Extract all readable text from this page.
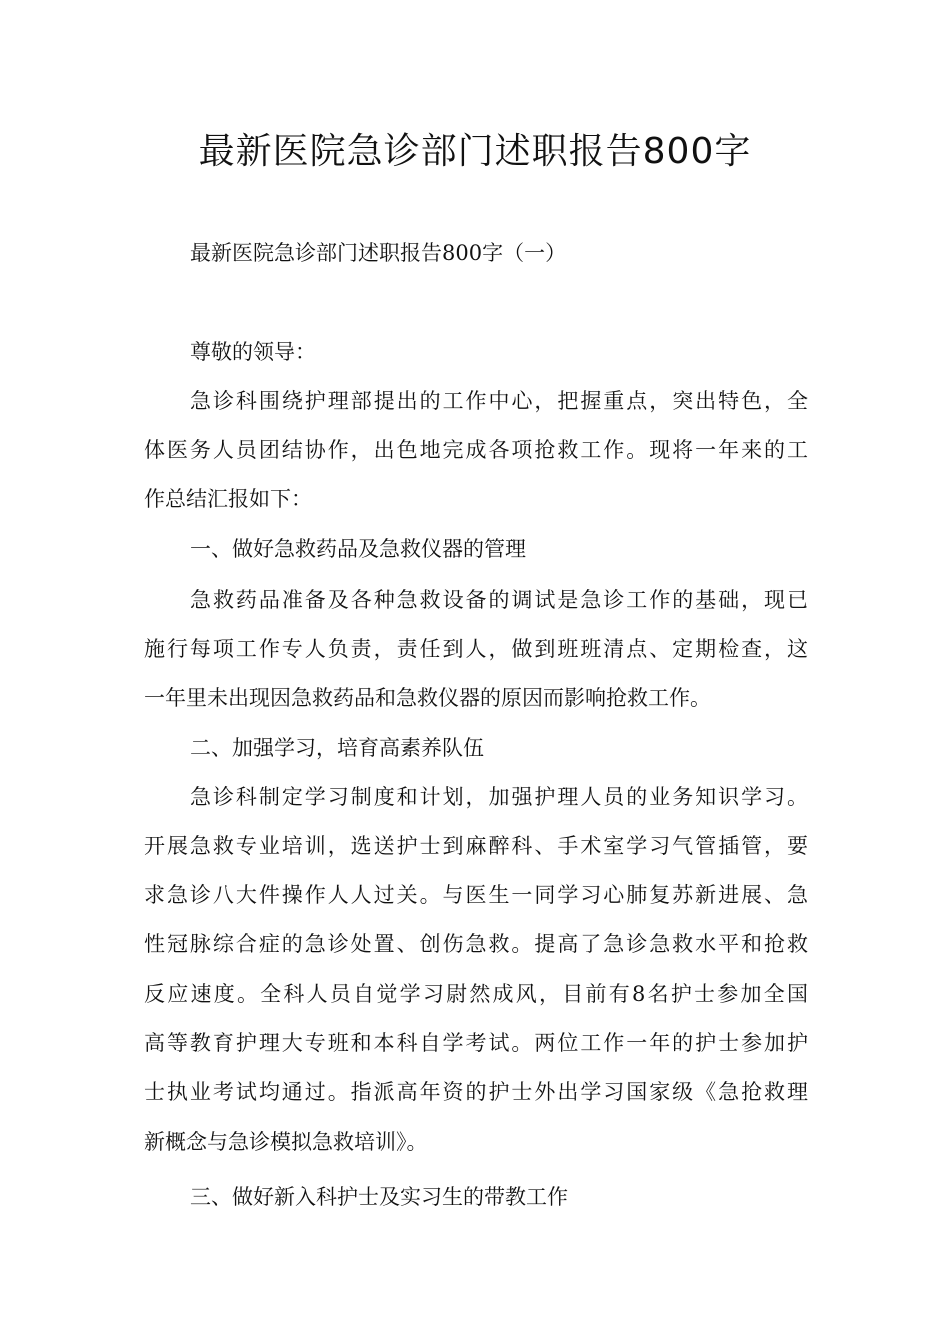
最新医院急诊部门述职报告800字
最新医院急诊部门述职报告800字（一）
尊敬的领导：
急诊科围绕护理部提出的工作中心，把握重点，突出特色，全
体医务人员团结协作，出色地完成各项抢救工作。现将一年来的工
作总结汇报如下：
一、做好急救药品及急救仪器的管理
急救药品准备及各种急救设备的调试是急诊工作的基础，现已
施行每项工作专人负责，责任到人，做到班班清点、定期检查，这
一年里未出现因急救药品和急救仪器的原因而影响抢救工作。
二、加强学习，培育高素养队伍
急诊科制定学习制度和计划，加强护理人员的业务知识学习。
开展急救专业培训，选送护士到麻醉科、手术室学习气管插管，要
求急诊八大件操作人人过关。与医生一同学习心肺复苏新进展、急
性冠脉综合症的急诊处置、创伤急救。提高了急诊急救水平和抢救
反应速度。全科人员自觉学习尉然成风，目前有8名护士参加全国
高等教育护理大专班和本科自学考试。两位工作一年的护士参加护
士执业考试均通过。指派高年资的护士外出学习国家级《急抢救理
新概念与急诊模拟急救培训》。
三、做好新入科护士及实习生的带教工作
